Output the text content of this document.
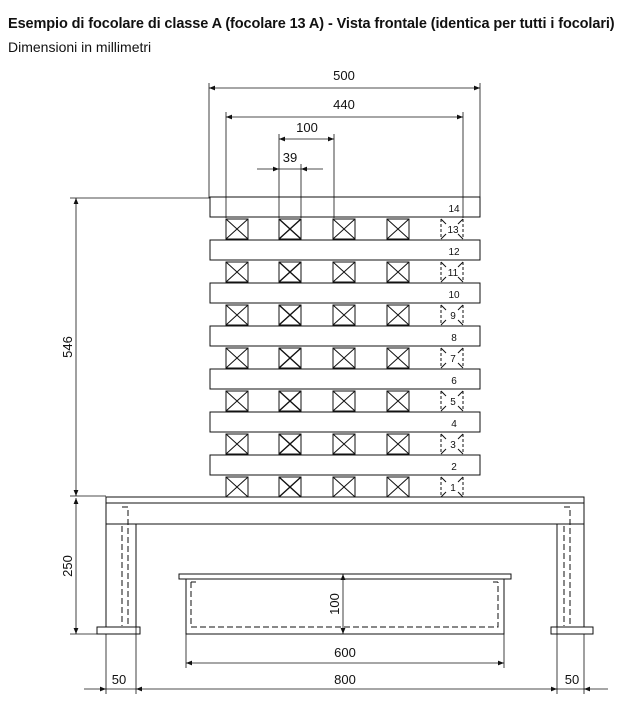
Esempio di focolare di classe A (focolare 13 A) - Vista frontale (identica per tutti i focolari)
Dimensioni in millimetri
2
4
6
8
10
12
14
1
3
5
7
9
11
13
500
440
100
39
546
250
100
600
50	800	50
